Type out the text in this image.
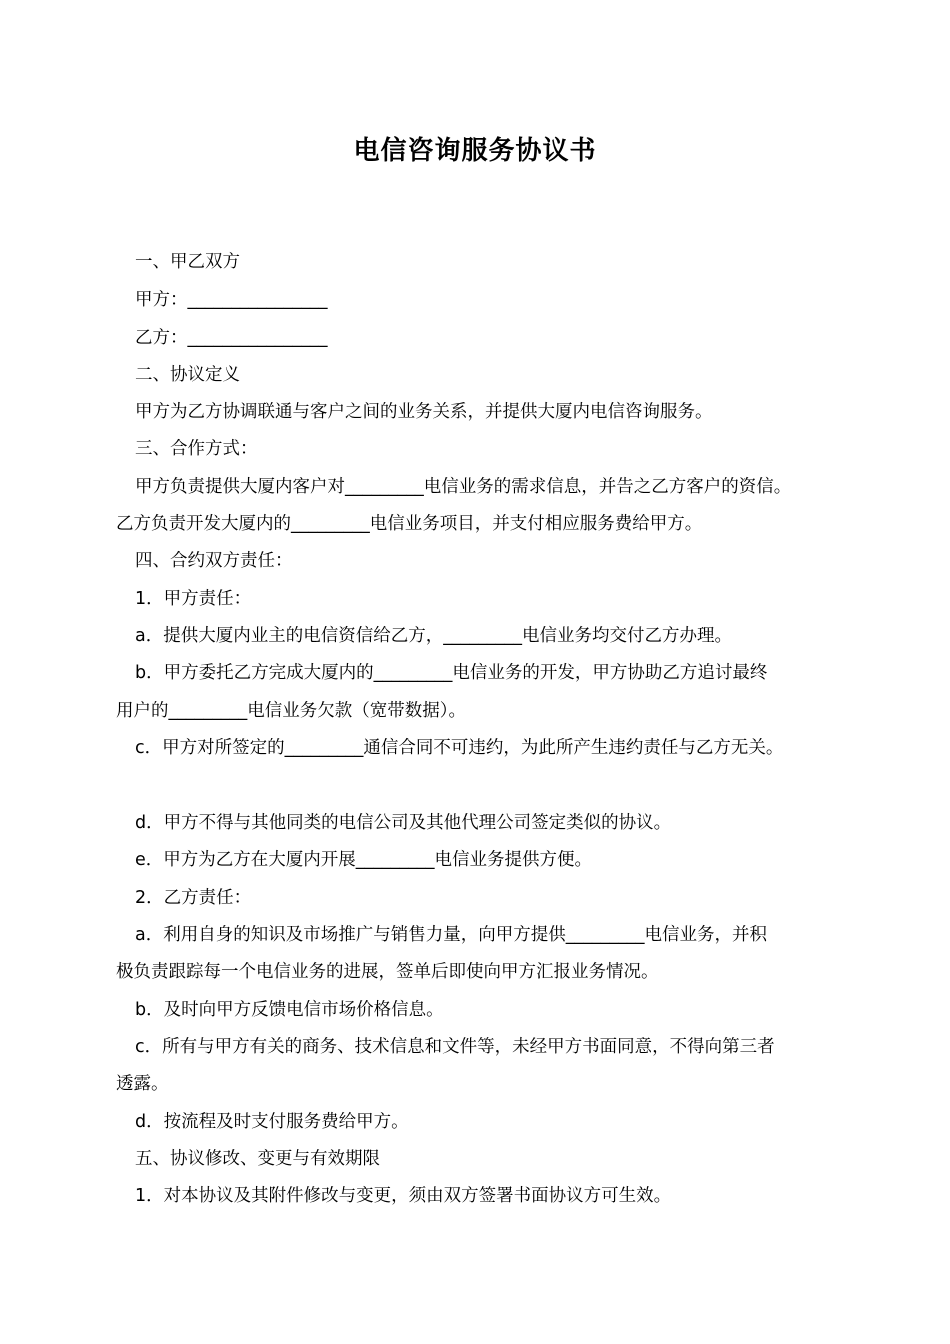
电信咨询服务协议书
一、甲乙双方
甲方：________________
乙方：________________
二、协议定义
甲方为乙方协调联通与客户之间的业务关系，并提供大厦内电信咨询服务。
三、合作方式：
甲方负责提供大厦内客户对_________电信业务的需求信息，并告之乙方客户的资信。
乙方负责开发大厦内的_________电信业务项目，并支付相应服务费给甲方。
四、合约双方责任：
1．甲方责任：
a．提供大厦内业主的电信资信给乙方，_________电信业务均交付乙方办理。
b．甲方委托乙方完成大厦内的_________电信业务的开发，甲方协助乙方追讨最终
用户的_________电信业务欠款（宽带数据）。
c．甲方对所签定的_________通信合同不可违约，为此所产生违约责任与乙方无关。
d．甲方不得与其他同类的电信公司及其他代理公司签定类似的协议。
e．甲方为乙方在大厦内开展_________电信业务提供方便。
2．乙方责任：
a．利用自身的知识及市场推广与销售力量，向甲方提供_________电信业务，并积
极负责跟踪每一个电信业务的进展，签单后即使向甲方汇报业务情况。
b．及时向甲方反馈电信市场价格信息。
c．所有与甲方有关的商务、技术信息和文件等，未经甲方书面同意，不得向第三者
透露。
d．按流程及时支付服务费给甲方。
五、协议修改、变更与有效期限
1．对本协议及其附件修改与变更，须由双方签署书面协议方可生效。
